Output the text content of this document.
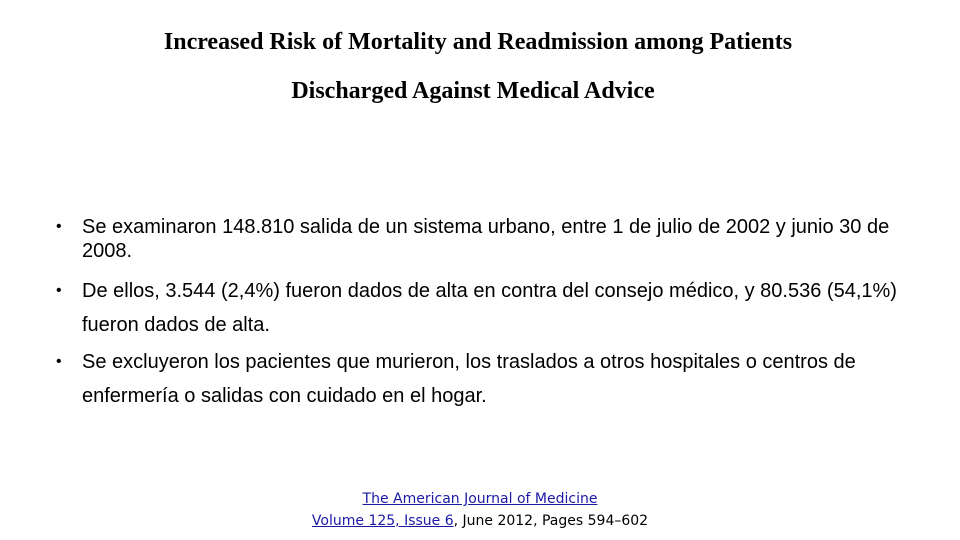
Increased Risk of Mortality and Readmission among Patients
Discharged Against Medical Advice
• Se examinaron 148.810 salida de un sistema urbano, entre 1 de julio de 2002 y junio 30 de 2008.
• De ellos, 3.544 (2,4%) fueron dados de alta en contra del consejo médico, y 80.536 (54,1%) fueron dados de alta.
• Se excluyeron los pacientes que murieron, los traslados a otros hospitales o centros de enfermería o salidas con cuidado en el hogar.
The American Journal of Medicine
Volume 125, Issue 6, June 2012, Pages 594–602
